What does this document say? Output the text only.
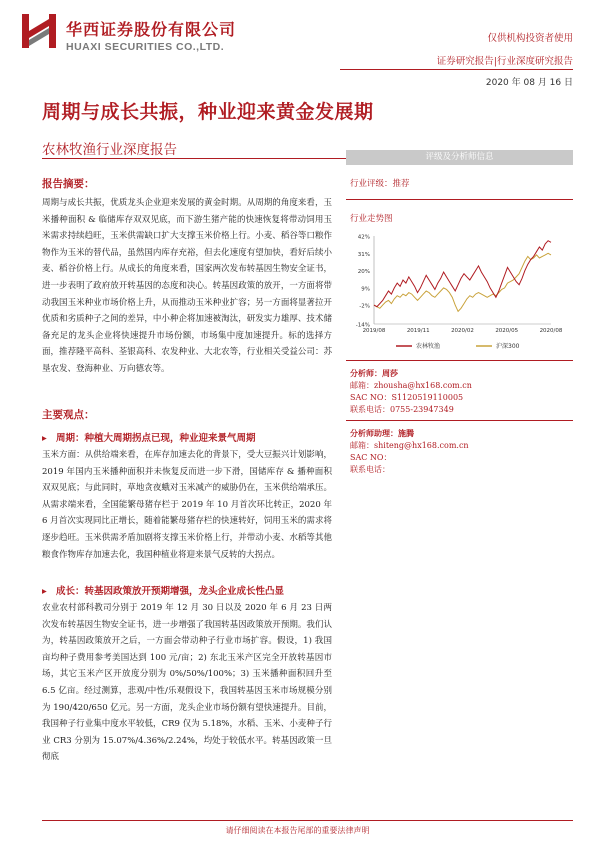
华西证券股份有限公司
HUAXI SECURITIES CO.,LTD.
仅供机构投资者使用
证券研究报告|行业深度研究报告
2020 年 08 月 16 日
周期与成长共振，种业迎来黄金发展期
农林牧渔行业深度报告
报告摘要：
周期与成长共振，优质龙头企业迎来发展的黄金时期。从周期的角度来看，玉米播种面积 & 临储库存双双见底，而下游生猪产能的快速恢复将带动饲用玉米需求持续趋旺，玉米供需缺口扩大支撑玉米价格上行。小麦、稻谷等口粮作物作为玉米的替代品，虽然国内库存充裕，但去化速度有望加快，看好后续小麦、稻谷价格上行。从成长的角度来看，国家两次发布转基因生物安全证书，进一步表明了政府放开转基因的态度和决心。转基因政策的放开，一方面将带动我国玉米种业市场价格上升，从而推动玉米种业扩容；另一方面将显著拉开优质和劣质种子之间的差异，中小种企将加速被淘汰，研发实力雄厚、技术储备充足的龙头企业将快速提升市场份额，市场集中度加速提升。标的选择方面，推荐隆平高科、荃银高科、农发种业、大北农等，行业相关受益公司：苏垦农发、登海种业、万向德农等。
主要观点：
▸ 周期：种植大周期拐点已现，种业迎来景气周期
玉米方面：从供给端来看，在库存加速去化的背景下，受大豆振兴计划影响，2019 年国内玉米播种面积并未恢复反而进一步下滑，国储库存 & 播种面积双双见底；与此同时，草地贪夜蛾对玉米减产的威胁仍在，玉米供给端承压。从需求端来看，全国能繁母猪存栏于 2019 年 10 月首次环比转正，2020 年 6 月首次实现同比正增长，随着能繁母猪存栏的快速转好，饲用玉米的需求将逐步趋旺。玉米供需矛盾加剧将支撑玉米价格上行，并带动小麦、水稻等其他粮食作物库存加速去化，我国种植业将迎来景气反转的大拐点。
▸ 成长：转基因政策放开预期增强，龙头企业成长性凸显
农业农村部科教司分别于 2019 年 12 月 30 日以及 2020 年 6 月 23 日两次发布转基因生物安全证书，进一步增强了我国转基因政策放开预期。我们认为，转基因政策放开之后，一方面会带动种子行业市场扩容。假设，1) 我国亩均种子费用参考美国达到 100 元/亩；2) 东北玉米产区完全开放转基因市场，其它玉米产区开放度分别为 0%/50%/100%；3) 玉米播种面积回升至 6.5 亿亩。经过测算，悲观/中性/乐观假设下，我国转基因玉米市场规模分别为 190/420/650 亿元。另一方面，龙头企业市场份额有望快速提升。目前，我国种子行业集中度水平较低，CR9 仅为 5.18%，水稻、玉米、小麦种子行业 CR3 分别为 15.07%/4.36%/2.24%，均处于较低水平。转基因政策一旦彻底
评级及分析师信息
行业评级：推荐
行业走势图
42%
31%
20%
9%
-2%
-14%
2019/08	2019/11	2020/02	2020/05	2020/08
农林牧渔	沪深300
分析师：周莎
邮箱：zhousha@hx168.com.cn
SAC NO：S1120519110005
联系电话：0755-23947349
分析师助理：施腾
邮箱：shiteng@hx168.com.cn
SAC NO：
联系电话：
请仔细阅读在本报告尾部的重要法律声明
